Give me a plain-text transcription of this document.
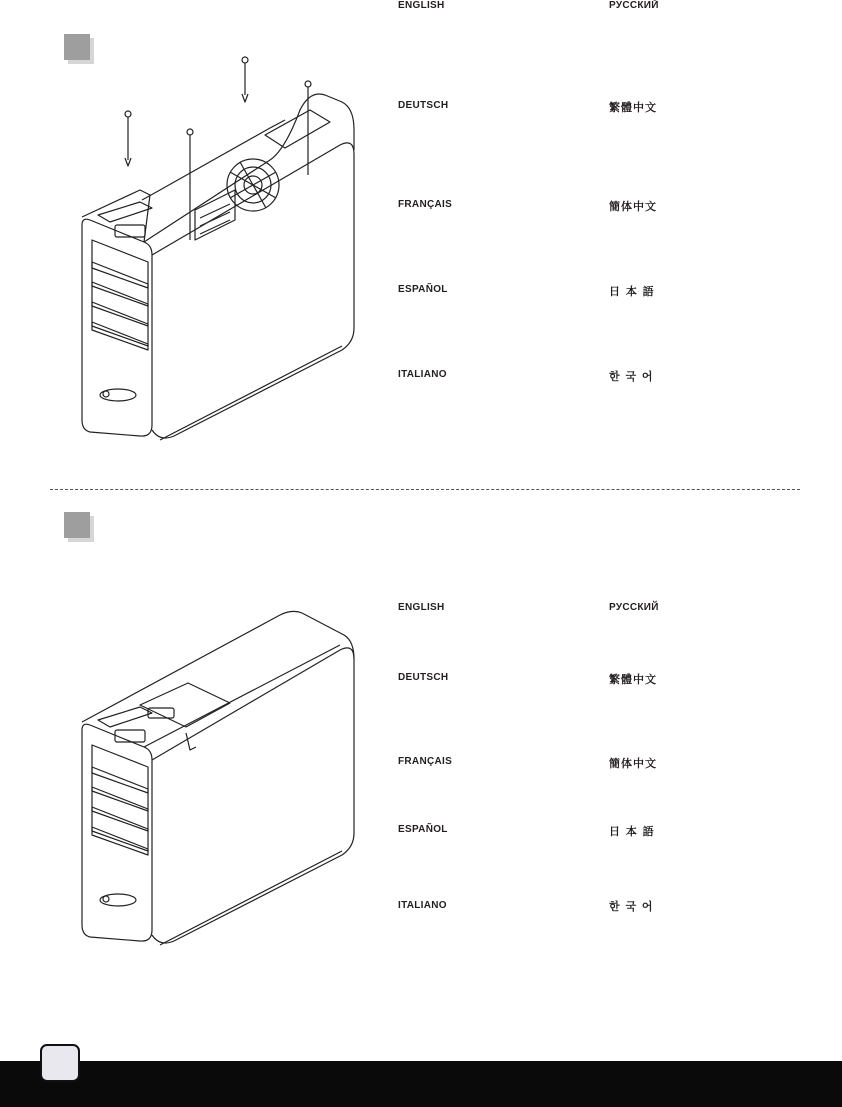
ENGLISH	РУССКИЙ
DEUTSCH	繁體中文
FRANÇAIS	簡体中文
ESPAÑOL	日 本 語
ITALIANO	한 국 어
ENGLISH	РУССКИЙ
DEUTSCH	繁體中文
FRANÇAIS	簡体中文
ESPAÑOL	日 本 語
ITALIANO	한 국 어
